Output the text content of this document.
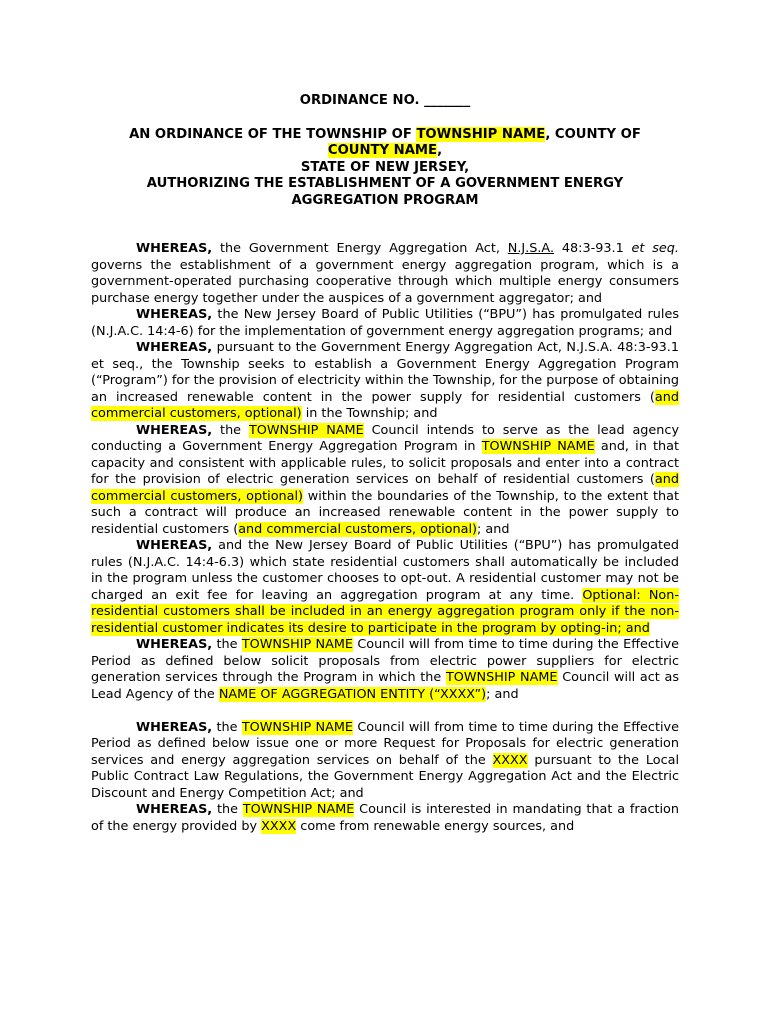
ORDINANCE NO. _______
AN ORDINANCE OF THE TOWNSHIP OF TOWNSHIP NAME, COUNTY OF
COUNTY NAME,
STATE OF NEW JERSEY,
AUTHORIZING THE ESTABLISHMENT OF A GOVERNMENT ENERGY
AGGREGATION PROGRAM

WHEREAS, the Government Energy Aggregation Act, N.J.S.A. 48:3-93.1 et seq. governs the establishment of a government energy aggregation program, which is a government-operated purchasing cooperative through which multiple energy consumers purchase energy together under the auspices of a government aggregator; and

WHEREAS, the New Jersey Board of Public Utilities (“BPU”) has promulgated rules (N.J.A.C. 14:4-6) for the implementation of government energy aggregation programs; and

WHEREAS, pursuant to the Government Energy Aggregation Act, N.J.S.A. 48:3-93.1 et seq., the Township seeks to establish a Government Energy Aggregation Program (“Program”) for the provision of electricity within the Township, for the purpose of obtaining an increased renewable content in the power supply for residential customers (and commercial customers, optional) in the Township; and

WHEREAS, the TOWNSHIP NAME Council intends to serve as the lead agency conducting a Government Energy Aggregation Program in TOWNSHIP NAME and, in that capacity and consistent with applicable rules, to solicit proposals and enter into a contract for the provision of electric generation services on behalf of residential customers (and commercial customers, optional) within the boundaries of the Township, to the extent that such a contract will produce an increased renewable content in the power supply to residential customers (and commercial customers, optional); and

WHEREAS, and the New Jersey Board of Public Utilities (“BPU”) has promulgated rules (N.J.A.C. 14:4-6.3) which state residential customers shall automatically be included in the program unless the customer chooses to opt-out. A residential customer may not be charged an exit fee for leaving an aggregation program at any time. Optional: Non-residential customers shall be included in an energy aggregation program only if the non-residential customer indicates its desire to participate in the program by opting-in; and

WHEREAS, the TOWNSHIP NAME Council will from time to time during the Effective Period as defined below solicit proposals from electric power suppliers for electric generation services through the Program in which the TOWNSHIP NAME Council will act as Lead Agency of the NAME OF AGGREGATION ENTITY (“XXXX”); and

WHEREAS, the TOWNSHIP NAME Council will from time to time during the Effective Period as defined below issue one or more Request for Proposals for electric generation services and energy aggregation services on behalf of the XXXX pursuant to the Local Public Contract Law Regulations, the Government Energy Aggregation Act and the Electric Discount and Energy Competition Act; and

WHEREAS, the TOWNSHIP NAME Council is interested in mandating that a fraction of the energy provided by XXXX come from renewable energy sources, and
